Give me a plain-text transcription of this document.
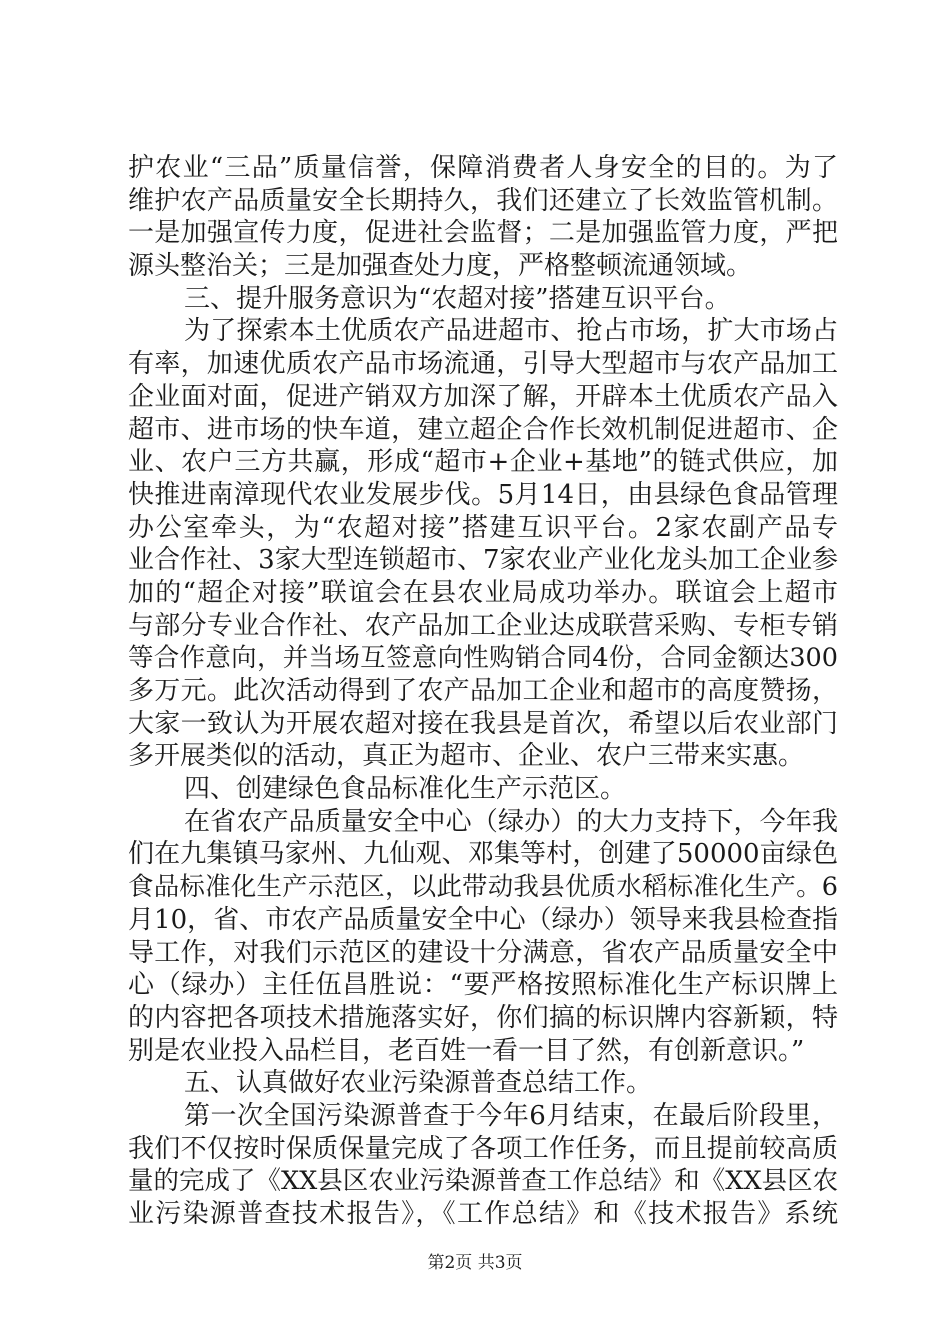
护农业“三品”质量信誉，保障消费者人身安全的目的。为了
维护农产品质量安全长期持久，我们还建立了长效监管机制。
一是加强宣传力度，促进社会监督；二是加强监管力度，严把
源头整治关；三是加强查处力度，严格整顿流通领域。
三、提升服务意识为“农超对接”搭建互识平台。
为了探索本土优质农产品进超市、抢占市场，扩大市场占
有率，加速优质农产品市场流通，引导大型超市与农产品加工
企业面对面，促进产销双方加深了解，开辟本土优质农产品入
超市、进市场的快车道，建立超企合作长效机制促进超市、企
业、农户三方共赢，形成“超市+企业+基地”的链式供应，加
快推进南漳现代农业发展步伐。5月14日，由县绿色食品管理
办公室牵头，为“农超对接”搭建互识平台。2家农副产品专
业合作社、3家大型连锁超市、7家农业产业化龙头加工企业参
加的“超企对接”联谊会在县农业局成功举办。联谊会上超市
与部分专业合作社、农产品加工企业达成联营采购、专柜专销
等合作意向，并当场互签意向性购销合同4份，合同金额达300
多万元。此次活动得到了农产品加工企业和超市的高度赞扬，
大家一致认为开展农超对接在我县是首次，希望以后农业部门
多开展类似的活动，真正为超市、企业、农户三带来实惠。
四、创建绿色食品标准化生产示范区。
在省农产品质量安全中心（绿办）的大力支持下，今年我
们在九集镇马家州、九仙观、邓集等村，创建了50000亩绿色
食品标准化生产示范区，以此带动我县优质水稻标准化生产。6
月10，省、市农产品质量安全中心（绿办）领导来我县检查指
导工作，对我们示范区的建设十分满意，省农产品质量安全中
心（绿办）主任伍昌胜说：“要严格按照标准化生产标识牌上
的内容把各项技术措施落实好，你们搞的标识牌内容新颖，特
别是农业投入品栏目，老百姓一看一目了然，有创新意识。”
五、认真做好农业污染源普查总结工作。
第一次全国污染源普查于今年6月结束，在最后阶段里，
我们不仅按时保质保量完成了各项工作任务，而且提前较高质
量的完成了《XX县区农业污染源普查工作总结》和《XX县区农
业污染源普查技术报告》，《工作总结》和《技术报告》系统
第2页 共3页
